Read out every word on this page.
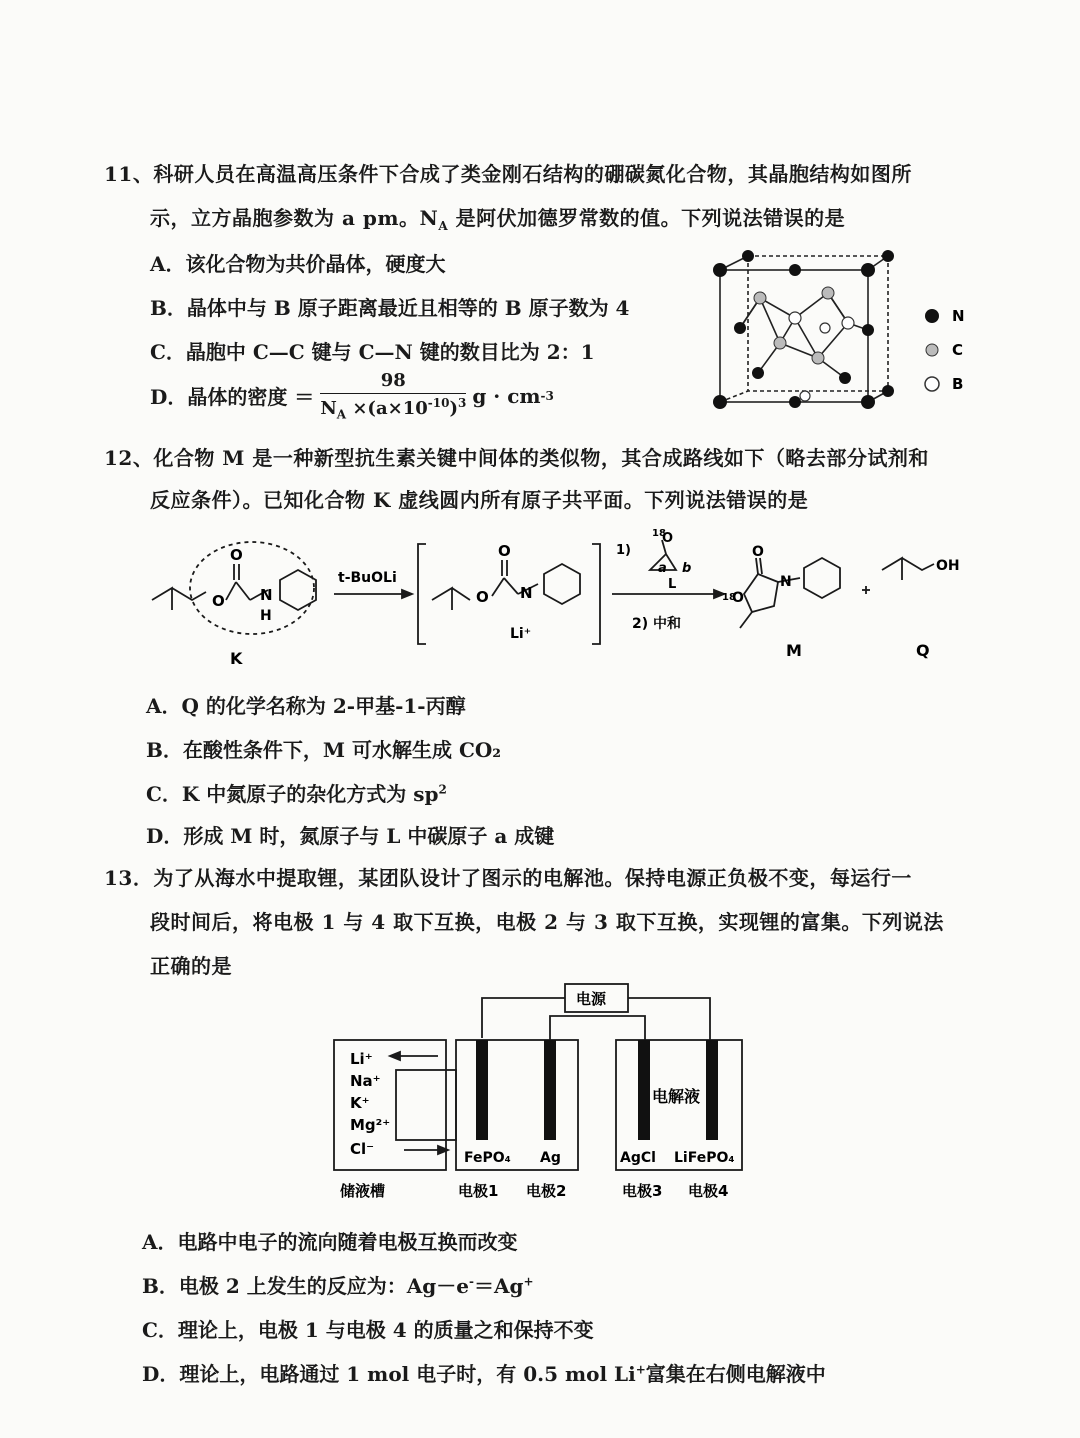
11、科研人员在高温高压条件下合成了类金刚石结构的硼碳氮化合物，其晶胞结构如图所
示，立方晶胞参数为 a pm。$N_A$ 是阿伏加德罗常数的值。下列说法错误的是
A．该化合物为共价晶体，硬度大
B．晶体中与 B 原子距离最近且相等的 B 原子数为 4
C．晶胞中 C—C 键与 C—N 键的数目比为 2：1
D．晶体的密度 ＝ $\frac{98}{N_A \times(a\times 10^{-10})^3}$ g · cm -3
N
C
B
12、化合物 M 是一种新型抗生素关键中间体的类似物，其合成路线如下（略去部分试剂和
反应条件）。已知化合物 K 虚线圆内所有原子共平面。下列说法错误的是
O
O
N
H
K
t-BuOLi
O
O
N
Li⁺
1)
18
O
a b
L
2) 中和
18
O
O
N
M
OH
Q
A．Q 的化学名称为 2-甲基-1-丙醇
B．在酸性条件下，M 可水解生成 CO₂
C．K 中氮原子的杂化方式为 $sp^2$
D．形成 M 时，氮原子与 L 中碳原子 a 成键
13．为了从海水中提取锂，某团队设计了图示的电解池。保持电源正负极不变，每运行一
段时间后，将电极 1 与 4 取下互换，电极 2 与 3 取下互换，实现锂的富集。下列说法
正确的是
电源
电解液
Li⁺
Na⁺
K⁺
Mg²⁺
Cl⁻	FePO₄ Ag	AgCl LiFePO₄
储液槽	电极1 电极2	电极3 电极4
A．电路中电子的流向随着电极互换而改变
B．电极 2 上发生的反应为：Ag－e-＝Ag+
C．理论上，电极 1 与电极 4 的质量之和保持不变
D．理论上，电路通过 1 mol 电子时，有 0.5 mol Li+富集在右侧电解液中
